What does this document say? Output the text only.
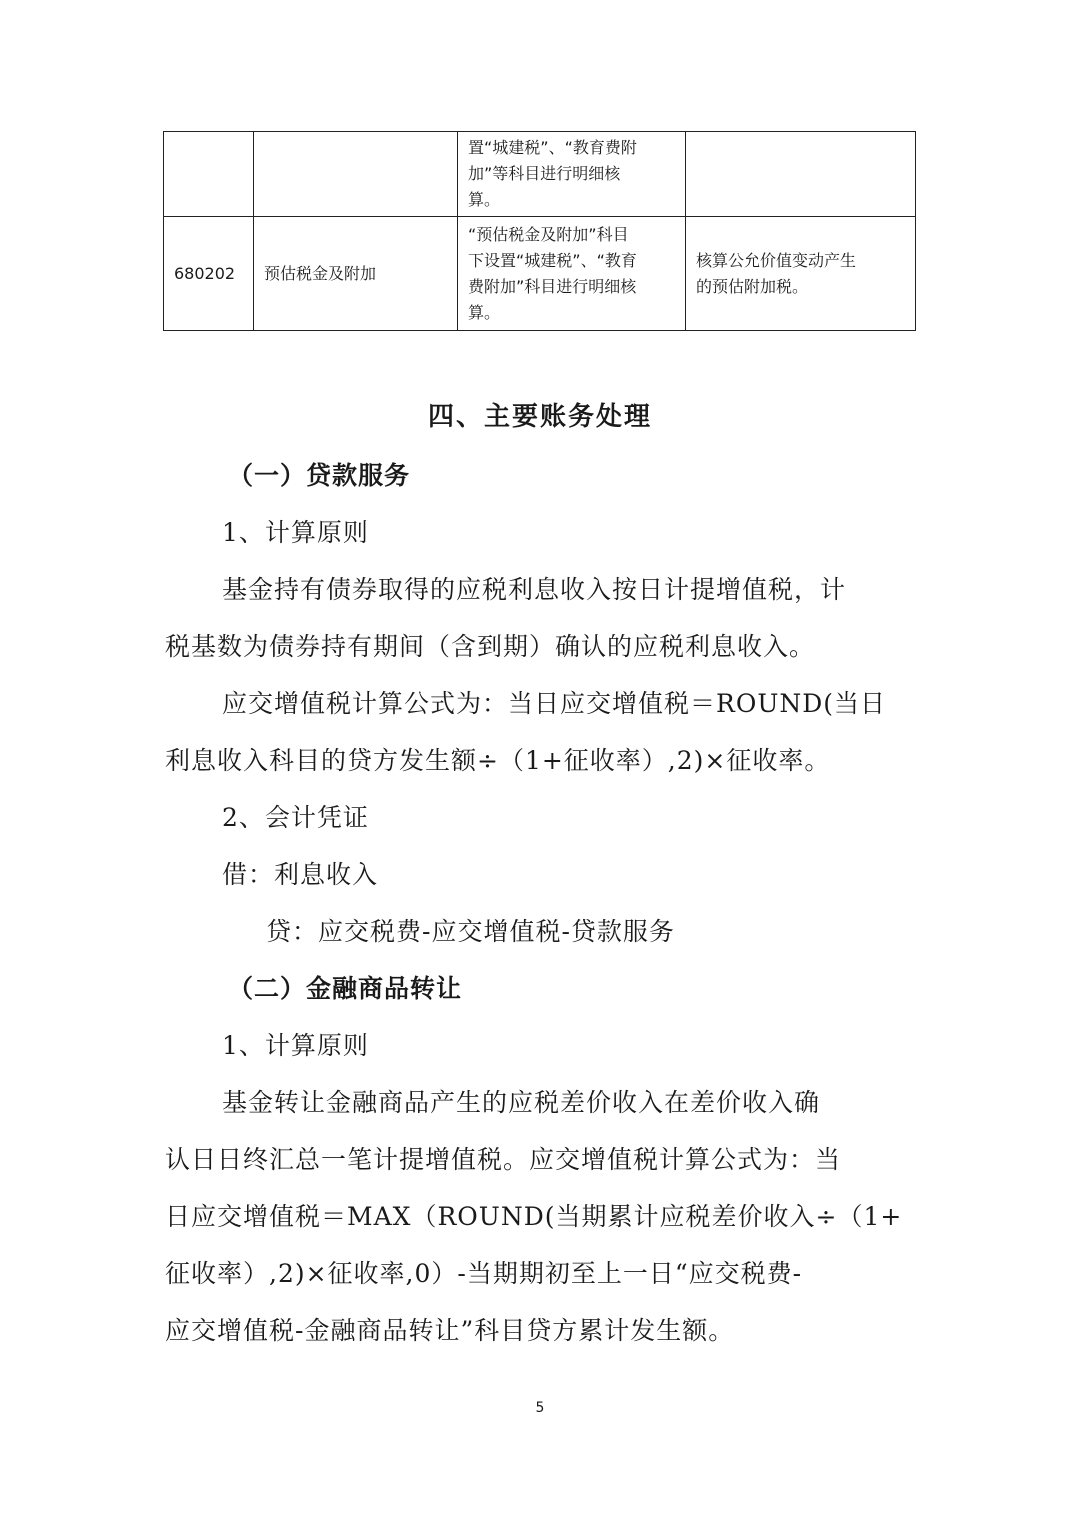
		置“城建税”、“教育费附
加”等科目进行明细核
算。	
680202	预估税金及附加	“预估税金及附加”科目
下设置“城建税”、“教育
费附加”科目进行明细核
算。	核算公允价值变动产生
的预估附加税。
四、主要账务处理
（一）贷款服务
1、计算原则
基金持有债券取得的应税利息收入按日计提增值税，计
税基数为债券持有期间（含到期）确认的应税利息收入。
应交增值税计算公式为：当日应交增值税＝ROUND(当日
利息收入科目的贷方发生额÷（1+征收率）,2)×征收率。
2、会计凭证
借：利息收入
贷：应交税费-应交增值税-贷款服务
（二）金融商品转让
1、计算原则
基金转让金融商品产生的应税差价收入在差价收入确
认日日终汇总一笔计提增值税。应交增值税计算公式为：当
日应交增值税＝MAX（ROUND(当期累计应税差价收入÷（1+
征收率）,2)×征收率,0）-当期期初至上一日“应交税费-
应交增值税-金融商品转让”科目贷方累计发生额。
5
